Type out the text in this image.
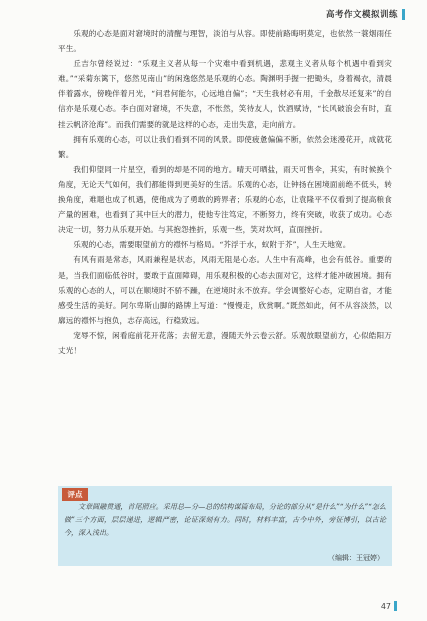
高考作文模拟训练

乐观的心态是面对窘境时的清醒与理智，淡泊与从容。即使前路晦明莫定，也依然一蓑烟雨任平生。

丘吉尔曾经说过：“乐观主义者从每一个灾难中看到机遇，悲观主义者从每个机遇中看到灾难。”“采菊东篱下，悠然见南山”的闲逸悠然是乐观的心态。陶渊明手握一把锄头，身着褐衣，清晨伴着露水，傍晚伴着月光，“问君何能尔，心远地自偏”；“天生我材必有用，千金散尽还复来”的自信亦是乐观心态。李白面对窘境，不失意，不怅然，笑待友人，饮酒赋诗，“长风破浪会有时，直挂云帆济沧海”。而我们需要的就是这样的心态，走出失意，走向前方。

拥有乐观的心态，可以让我们看到不同的风景。即使疲惫偏偏不断，依然会迷漫花开，成就花繁。

我们仰望同一片星空，看到的却是不同的地方。晴天可晒盐，雨天可售伞，其实，有时候换个角度，无论天气如何，我们都能得到更美好的生活。乐观的心态，让钟扬在困境面前绝不低头，转换角度，难题也成了机遇，使他成为了勇敢的跨界者；乐观的心态，让袁隆平不仅看到了提高粮食产量的困难，也看到了其中巨大的潜力，使他专注笃定，不断努力，终有突破，收获了成功。心态决定一切，努力从乐观开始。与其抱怨挫折，乐观一些，笑对坎坷，直面挫折。

乐观的心态，需要眼望前方的襟怀与格局。“芥浮于水，蚁附于芥”，人生天地宽。

有风有雨是常态，风雨兼程是状态，风雨无阻是心态。人生中有高峰，也会有低谷。重要的是，当我们面临低谷时，要敢于直面障碍，用乐观积极的心态去面对它，这样才能冲破困境。拥有乐观的心态的人，可以在顺境时不骄不躁，在逆境时永不放弃。学会调整好心态，定期自省，才能感受生活的美好。阿尔卑斯山脚的路牌上写道：“慢慢走，欣赏啊。”既然如此，何不从容淡然，以廓远的襟怀与抱负，志存高远，行稳致远。

宠辱不惊，闲看庭前花开花落；去留无意，漫随天外云卷云舒。乐观放眼望前方，心似皓阳万丈光！

评点
文章圆融贯通，首尾照应。采用总—分—总的结构谋篇布局，分论的部分从“是什么”“为什么”“怎么做”三个方面，层层递进，逻辑严密，论证深刻有力。同时，材料丰富，古今中外，旁征博引，以古论今，深入浅出。
（编辑：王冠婷）
47
